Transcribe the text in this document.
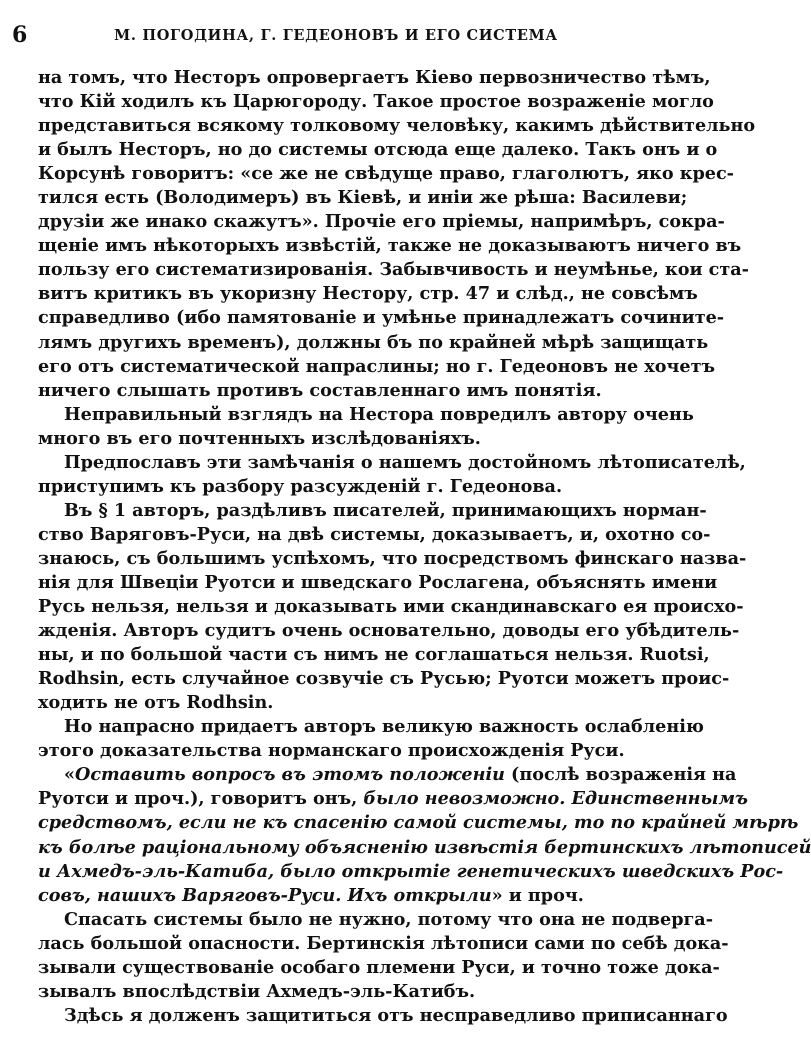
6	М. ПОГОДИНА, Г. ГЕДЕОНОВЪ И ЕГО СИСТЕМА
на томъ, что Несторъ опровергаетъ Кіево первозничество тѣмъ,
что Кій ходилъ къ Царюгороду. Такое простое возраженіе могло
представиться всякому толковому человѣку, какимъ дѣйствительно
и былъ Несторъ, но до системы отсюда еще далеко. Такъ онъ и о
Корсунѣ говоритъ: «се же не свѣдуще право, глаголютъ, яко крес-
тился есть (Володимеръ) въ Кіевѣ, и иніи же рѣша: Василеви;
друзіи же инако скажутъ». Прочіе его пріемы, напримѣръ, сокра-
щеніе имъ нѣкоторыхъ извѣстій, также не доказываютъ ничего въ
пользу его систематизированія. Забывчивость и неумѣнье, кои ста-
витъ критикъ въ укоризну Нестору, стр. 47 и слѣд., не совсѣмъ
справедливо (ибо памятованіе и умѣнье принадлежатъ сочините-
лямъ другихъ временъ), должны бъ по крайней мѣрѣ защищать
его отъ систематической напраслины; но г. Гедеоновъ не хочетъ
ничего слышать противъ составленнаго имъ понятія.
Неправильный взглядъ на Нестора повредилъ автору очень
много въ его почтенныхъ изслѣдованіяхъ.
Предпославъ эти замѣчанія о нашемъ достойномъ лѣтописателѣ,
приступимъ къ разбору разсужденій г. Гедеонова.
Въ § 1 авторъ, раздѣливъ писателей, принимающихъ норман-
ство Варяговъ-Руси, на двѣ системы, доказываетъ, и, охотно со-
знаюсь, съ большимъ успѣхомъ, что посредствомъ финскаго назва-
нія для Швеціи Руотси и шведскаго Рослагена, объяснять имени
Русь нельзя, нельзя и доказывать ими скандинавскаго ея происхо-
жденія. Авторъ судитъ очень основательно, доводы его убѣдитель-
ны, и по большой части съ нимъ не соглашаться нельзя. Ruotsi,
Rodhsin, есть случайное созвучіе съ Русью; Руотси можетъ проис-
ходить не отъ Rodhsin.
Но напрасно придаетъ авторъ великую важность ослабленію
этого доказательства норманскаго происхожденія Руси.
«Оставить вопросъ въ этомъ положеніи (послѣ возраженія на
Руотси и проч.), говоритъ онъ, было невозможно. Единственнымъ
средствомъ, если не къ спасенію самой системы, то по крайней мѣрѣ
къ болѣе раціональному объясненію извѣстія бертинскихъ лѣтописей
и Ахмедъ-эль-Катиба, было открытіе генетическихъ шведскихъ Рос-
совъ, нашихъ Варяговъ-Руси. Ихъ открыли» и проч.
Спасать системы было не нужно, потому что она не подверга-
лась большой опасности. Бертинскія лѣтописи сами по себѣ дока-
зывали существованіе особаго племени Руси, и точно тоже дока-
зывалъ впослѣдствіи Ахмедъ-эль-Катибъ.
Здѣсь я долженъ защититься отъ несправедливо приписаннаго
